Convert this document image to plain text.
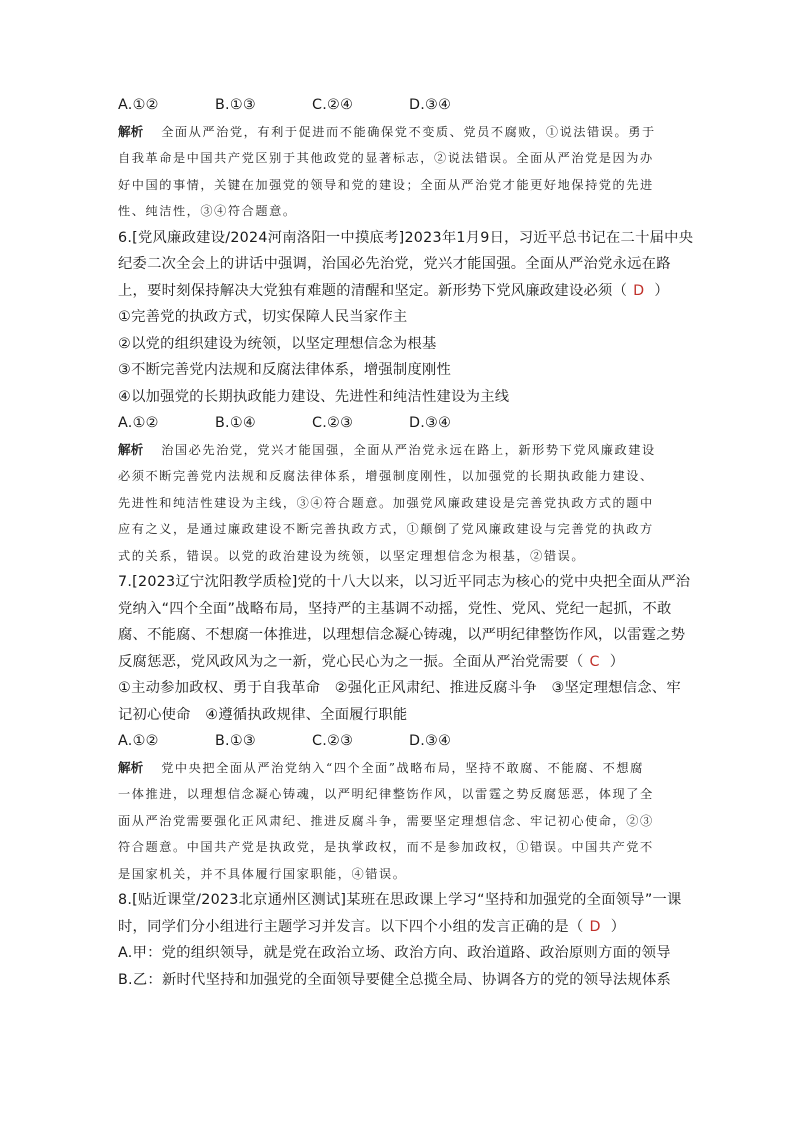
A.①②	B.①③	C.②④	D.③④
解析 全面从严治党，有利于促进而不能确保党不变质、党员不腐败，①说法错误。勇于
自我革命是中国共产党区别于其他政党的显著标志，②说法错误。全面从严治党是因为办
好中国的事情，关键在加强党的领导和党的建设；全面从严治党才能更好地保持党的先进
性、纯洁性，③④符合题意。
6.[党风廉政建设/2024河南洛阳一中摸底考]2023年1月9日，习近平总书记在二十届中央
纪委二次全会上的讲话中强调，治国必先治党，党兴才能国强。全面从严治党永远在路
上，要时刻保持解决大党独有难题的清醒和坚定。新形势下党风廉政建设必须（ D ）
①完善党的执政方式，切实保障人民当家作主
②以党的组织建设为统领，以坚定理想信念为根基
③不断完善党内法规和反腐法律体系，增强制度刚性
④以加强党的长期执政能力建设、先进性和纯洁性建设为主线
A.①②	B.①④	C.②③	D.③④
解析 治国必先治党，党兴才能国强，全面从严治党永远在路上，新形势下党风廉政建设
必须不断完善党内法规和反腐法律体系，增强制度刚性，以加强党的长期执政能力建设、
先进性和纯洁性建设为主线，③④符合题意。加强党风廉政建设是完善党执政方式的题中
应有之义，是通过廉政建设不断完善执政方式，①颠倒了党风廉政建设与完善党的执政方
式的关系，错误。以党的政治建设为统领，以坚定理想信念为根基，②错误。
7.[2023辽宁沈阳教学质检]党的十八大以来，以习近平同志为核心的党中央把全面从严治
党纳入“四个全面”战略布局，坚持严的主基调不动摇，党性、党风、党纪一起抓，不敢
腐、不能腐、不想腐一体推进，以理想信念凝心铸魂，以严明纪律整饬作风，以雷霆之势
反腐惩恶，党风政风为之一新，党心民心为之一振。全面从严治党需要（ C ）
①主动参加政权、勇于自我革命　②强化正风肃纪、推进反腐斗争　③坚定理想信念、牢
记初心使命　④遵循执政规律、全面履行职能
A.①②	B.①③	C.②③	D.③④
解析 党中央把全面从严治党纳入“四个全面”战略布局，坚持不敢腐、不能腐、不想腐
一体推进，以理想信念凝心铸魂，以严明纪律整饬作风，以雷霆之势反腐惩恶，体现了全
面从严治党需要强化正风肃纪、推进反腐斗争，需要坚定理想信念、牢记初心使命，②③
符合题意。中国共产党是执政党，是执掌政权，而不是参加政权，①错误。中国共产党不
是国家机关，并不具体履行国家职能，④错误。
8.[贴近课堂/2023北京通州区测试]某班在思政课上学习“坚持和加强党的全面领导”一课
时，同学们分小组进行主题学习并发言。以下四个小组的发言正确的是（ D ）
A.甲：党的组织领导，就是党在政治立场、政治方向、政治道路、政治原则方面的领导
B.乙：新时代坚持和加强党的全面领导要健全总揽全局、协调各方的党的领导法规体系
